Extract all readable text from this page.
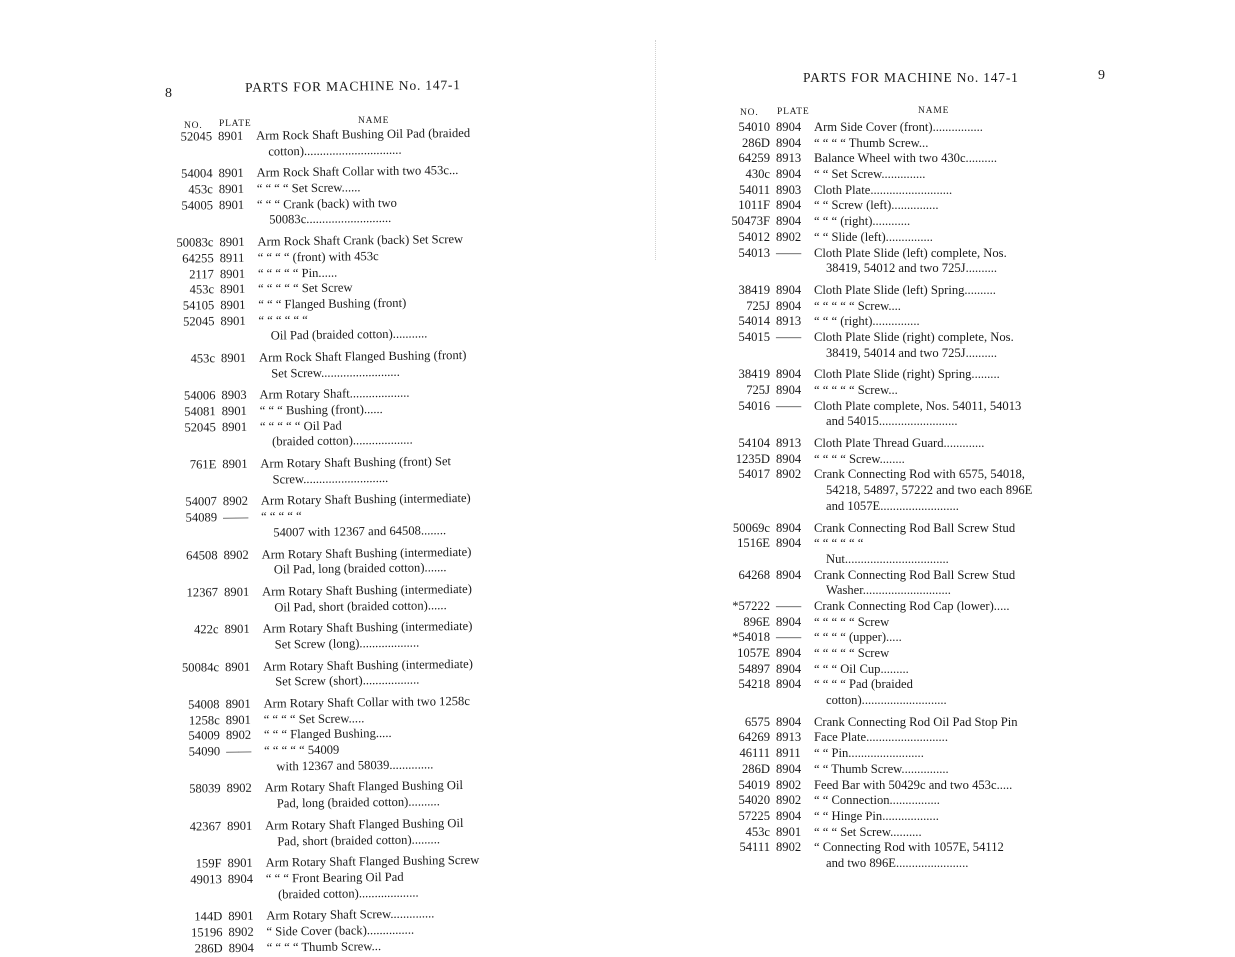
8	PARTS FOR MACHINE No. 147-1
NO. PLATE	NAME
52045 8901	Arm Rock Shaft Bushing Oil Pad (braided
cotton)...............................
54004 8901	Arm Rock Shaft Collar with two 453c...
453c 8901	“ “ “ “ Set Screw......
54005 8901	“ “ “ Crank (back) with two
50083c...........................
50083c 8901	Arm Rock Shaft Crank (back) Set Screw
64255 8911	“ “ “ “ (front) with 453c
2117 8901	“ “ “ “ “ Pin......
453c 8901	“ “ “ “ “ Set Screw
54105 8901	“ “ “ Flanged Bushing (front)
52045 8901	“ “ “ “ “ “
Oil Pad (braided cotton)...........
453c 8901	Arm Rock Shaft Flanged Bushing (front)
Set Screw.........................
54006 8903	Arm Rotary Shaft...................
54081 8901	“ “ “ Bushing (front)......
52045 8901	“ “ “ “ “ Oil Pad
(braided cotton)...................
761E 8901	Arm Rotary Shaft Bushing (front) Set
Screw...........................
54007 8902	Arm Rotary Shaft Bushing (intermediate)
54089 ——	“ “ “ “ “
54007 with 12367 and 64508........
64508 8902	Arm Rotary Shaft Bushing (intermediate)
Oil Pad, long (braided cotton).......
12367 8901	Arm Rotary Shaft Bushing (intermediate)
Oil Pad, short (braided cotton)......
422c 8901	Arm Rotary Shaft Bushing (intermediate)
Set Screw (long)...................
50084c 8901	Arm Rotary Shaft Bushing (intermediate)
Set Screw (short)..................
54008 8901	Arm Rotary Shaft Collar with two 1258c
1258c 8901	“ “ “ “ Set Screw.....
54009 8902	“ “ “ Flanged Bushing.....
54090 ——	“ “ “ “ “ 54009
with 12367 and 58039..............
58039 8902	Arm Rotary Shaft Flanged Bushing Oil
Pad, long (braided cotton)..........
42367 8901	Arm Rotary Shaft Flanged Bushing Oil
Pad, short (braided cotton).........
159F 8901	Arm Rotary Shaft Flanged Bushing Screw
49013 8904	“ “ “ Front Bearing Oil Pad
(braided cotton)...................
144D 8901	Arm Rotary Shaft Screw..............
15196 8902	“ Side Cover (back)...............
286D 8904	“ “ “ “ Thumb Screw...
PARTS FOR MACHINE No. 147-1	9
NO. PLATE	NAME
54010 8904	Arm Side Cover (front)................
286D 8904	“ “ “ “ Thumb Screw...
64259 8913	Balance Wheel with two 430c..........
430c 8904	“ “ Set Screw..............
54011 8903	Cloth Plate..........................
1011F 8904	“ “ Screw (left)...............
50473F 8904	“ “ “ (right)............
54012 8902	“ “ Slide (left)...............
54013 ——	Cloth Plate Slide (left) complete, Nos.
38419, 54012 and two 725J..........
38419 8904	Cloth Plate Slide (left) Spring..........
725J 8904	“ “ “ “ “ Screw....
54014 8913	“ “ “ (right)...............
54015 ——	Cloth Plate Slide (right) complete, Nos.
38419, 54014 and two 725J..........
38419 8904	Cloth Plate Slide (right) Spring.........
725J 8904	“ “ “ “ “ Screw...
54016 ——	Cloth Plate complete, Nos. 54011, 54013
and 54015.........................
54104 8913	Cloth Plate Thread Guard.............
1235D 8904	“ “ “ “ Screw........
54017 8902	Crank Connecting Rod with 6575, 54018,
54218, 54897, 57222 and two each 896E
and 1057E.........................
50069c 8904	Crank Connecting Rod Ball Screw Stud
1516E 8904	“ “ “ “ “ “
Nut.................................
64268 8904	Crank Connecting Rod Ball Screw Stud
Washer............................
*57222 ——	Crank Connecting Rod Cap (lower).....
896E 8904	“ “ “ “ “ Screw
*54018 ——	“ “ “ “ (upper).....
1057E 8904	“ “ “ “ “ Screw
54897 8904	“ “ “ Oil Cup.........
54218 8904	“ “ “ “ Pad (braided
cotton)...........................
6575 8904	Crank Connecting Rod Oil Pad Stop Pin
64269 8913	Face Plate..........................
46111 8911	“ “ Pin........................
286D 8904	“ “ Thumb Screw...............
54019 8902	Feed Bar with 50429c and two 453c.....
54020 8902	“ “ Connection................
57225 8904	“ “ Hinge Pin..................
453c 8901	“ “ “ Set Screw..........
54111 8902	“ Connecting Rod with 1057E, 54112
and two 896E.......................
